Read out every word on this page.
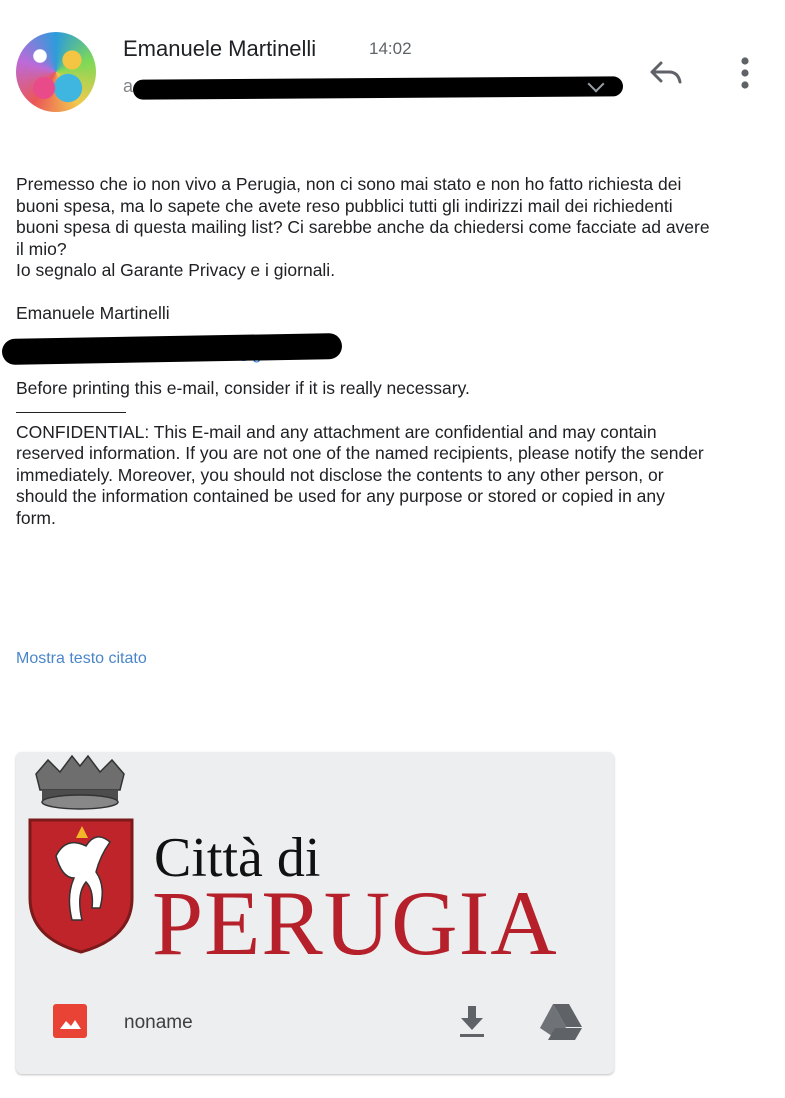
Emanuele Martinelli	14:02
a

Premesso che io non vivo a Perugia, non ci sono mai stato e non ho fatto richiesta dei
buoni spesa, ma lo sapete che avete reso pubblici tutti gli indirizzi mail dei richiedenti
buoni spesa di questa mailing list? Ci sarebbe anche da chiedersi come facciate ad avere
il mio?
Io segnalo al Garante Privacy e i giornali.

Emanuele Martinelli

Before printing this e-mail, consider if it is really necessary.

CONFIDENTIAL: This E-mail and any attachment are confidential and may contain
reserved information. If you are not one of the named recipients, please notify the sender
immediately. Moreover, you should not disclose the contents to any other person, or
should the information contained be used for any purpose or stored or copied in any
form.

Mostra testo citato
Città di
PERUGIA
noname
